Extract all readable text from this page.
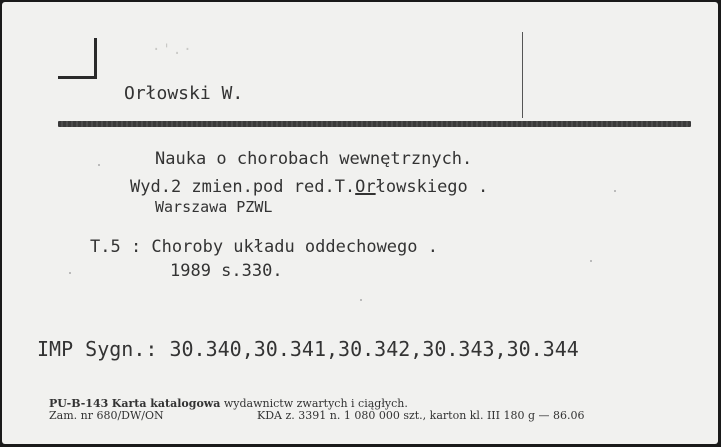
·'.·
Orłowski W.
Nauka o chorobach wewnętrznych.
Wyd.2 zmien.pod red.T.Orłowskiego .
Warszawa PZWL
T.5 : Choroby układu oddechowego .
1989 s.330.
IMP Sygn.: 30.340,30.341,30.342,30.343,30.344
PU-B-143 Karta katalogowa wydawnictw zwartych i ciągłych.
Zam. nr 680/DW/ON	KDA z. 3391 n. 1 080 000 szt., karton kl. III 180 g — 86.06
